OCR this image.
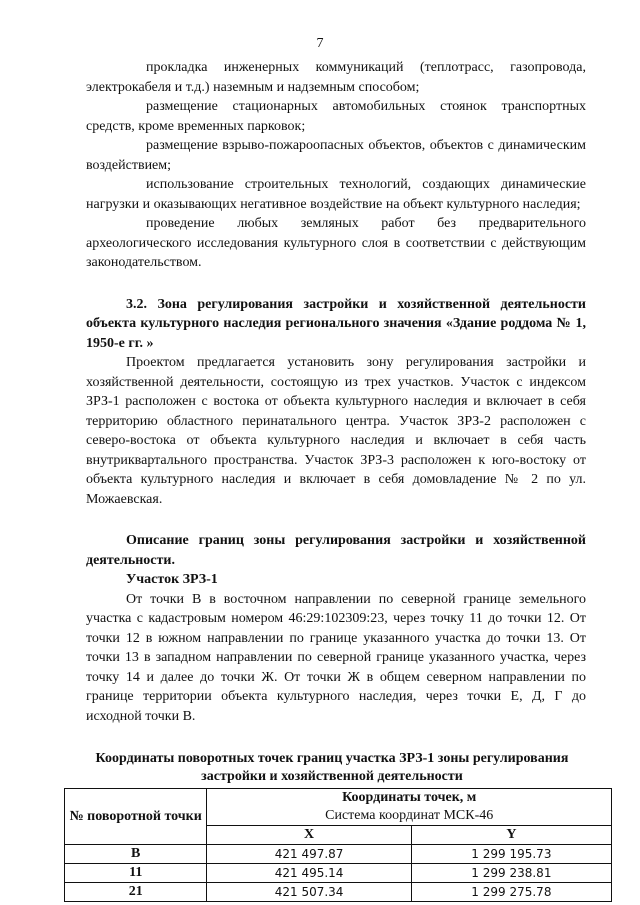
7

прокладка инженерных коммуникаций (теплотрасс, газопровода, электрокабеля и т.д.) наземным и надземным способом;

размещение стационарных автомобильных стоянок транспортных средств, кроме временных парковок;

размещение взрыво-пожароопасных объектов, объектов с динамическим воздействием;

использование строительных технологий, создающих динамические нагрузки и оказывающих негативное воздействие на объект культурного наследия;

проведение любых земляных работ без предварительного археологического исследования культурного слоя в соответствии с действующим законодательством.

3.2. Зона регулирования застройки и хозяйственной деятельности объекта культурного наследия регионального значения «Здание роддома № 1, 1950-е гг. »

Проектом предлагается установить зону регулирования застройки и хозяйственной деятельности, состоящую из трех участков. Участок с индексом ЗРЗ-1 расположен с востока от объекта культурного наследия и включает в себя территорию областного перинатального центра. Участок ЗРЗ-2 расположен с северо-востока от объекта культурного наследия и включает в себя часть внутриквартального пространства. Участок ЗРЗ-3 расположен к юго-востоку от объекта культурного наследия и включает в себя домовладение № 2 по ул. Можаевская.

Описание границ зоны регулирования застройки и хозяйственной деятельности.

Участок ЗРЗ-1

От точки В в восточном направлении по северной границе земельного участка с кадастровым номером 46:29:102309:23, через точку 11 до точки 12. От точки 12 в южном направлении по границе указанного участка до точки 13. От точки 13 в западном направлении по северной границе указанного участка, через точку 14 и далее до точки Ж. От точки Ж в общем северном направлении по границе территории объекта культурного наследия, через точки Е, Д, Г до исходной точки В.

Координаты поворотных точек границ участка ЗРЗ-1 зоны регулирования застройки и хозяйственной деятельности

№ поворотной точки	Координаты точек, м
Система координат МСК-46	

	X	Y
В	421 497.87	1 299 195.73
11	421 495.14	1 299 238.81
21	421 507.34	1 299 275.78
